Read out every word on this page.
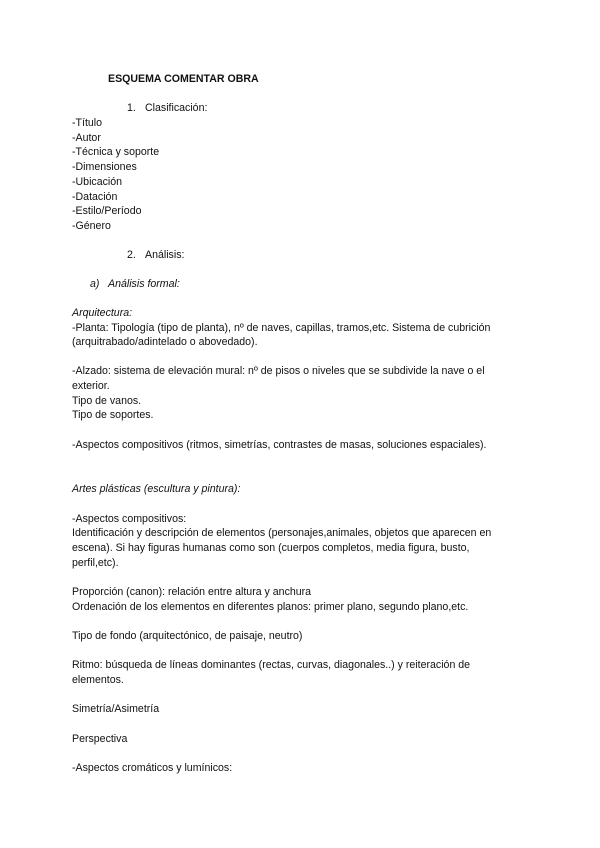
ESQUEMA COMENTAR OBRA
1. Clasificación:
-Título
-Autor
-Técnica y soporte
-Dimensiones
-Ubicación
-Datación
-Estilo/Período
-Género
2. Análisis:
a) Análisis formal:
Arquitectura:
-Planta: Tipología (tipo de planta), nº de naves, capillas, tramos,etc. Sistema de cubrición
(arquitrabado/adintelado o abovedado).
-Alzado: sistema de elevación mural: nº de pisos o niveles que se subdivide la nave o el
exterior.
Tipo de vanos.
Tipo de soportes.
-Aspectos compositivos (ritmos, simetrías, contrastes de masas, soluciones espaciales).
Artes plásticas (escultura y pintura):
-Aspectos compositivos:
Identificación y descripción de elementos (personajes,animales, objetos que aparecen en
escena). Si hay figuras humanas como son (cuerpos completos, media figura, busto,
perfil,etc).
Proporción (canon): relación entre altura y anchura
Ordenación de los elementos en diferentes planos: primer plano, segundo plano,etc.
Tipo de fondo (arquitectónico, de paisaje, neutro)
Ritmo: búsqueda de líneas dominantes (rectas, curvas, diagonales..) y reiteración de
elementos.
Simetría/Asimetría
Perspectiva
-Aspectos cromáticos y lumínicos:
